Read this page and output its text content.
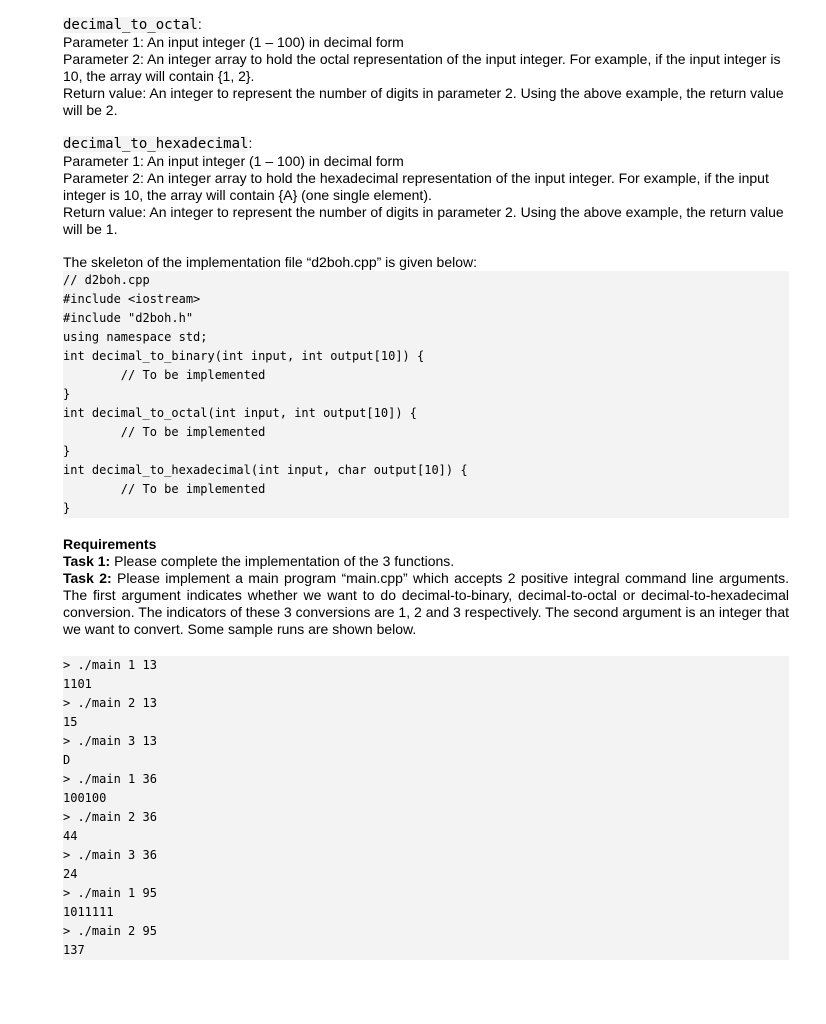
decimal_to_octal:

Parameter 1: An input integer (1 – 100) in decimal form

Parameter 2: An integer array to hold the octal representation of the input integer. For example, if the input integer is 10, the array will contain {1, 2}.

Return value: An integer to represent the number of digits in parameter 2. Using the above example, the return value will be 2.

decimal_to_hexadecimal:

Parameter 1: An input integer (1 – 100) in decimal form

Parameter 2: An integer array to hold the hexadecimal representation of the input integer. For example, if the input integer is 10, the array will contain {A} (one single element).

Return value: An integer to represent the number of digits in parameter 2. Using the above example, the return value will be 1.

The skeleton of the implementation file “d2boh.cpp” is given below:

// d2boh.cpp
#include <iostream>
#include "d2boh.h"
using namespace std;
int decimal_to_binary(int input, int output[10]) {
// To be implemented
}
int decimal_to_octal(int input, int output[10]) {
// To be implemented
}
int decimal_to_hexadecimal(int input, char output[10]) {
// To be implemented
}

Requirements

Task 1: Please complete the implementation of the 3 functions.

Task 2: Please implement a main program “main.cpp” which accepts 2 positive integral command line arguments. The first argument indicates whether we want to do decimal-to-binary, decimal-to-octal or decimal-to-hexadecimal conversion. The indicators of these 3 conversions are 1, 2 and 3 respectively. The second argument is an integer that we want to convert. Some sample runs are shown below.

> ./main 1 13
1101
> ./main 2 13
15
> ./main 3 13
D
> ./main 1 36
100100
> ./main 2 36
44
> ./main 3 36
24
> ./main 1 95
1011111
> ./main 2 95
137
